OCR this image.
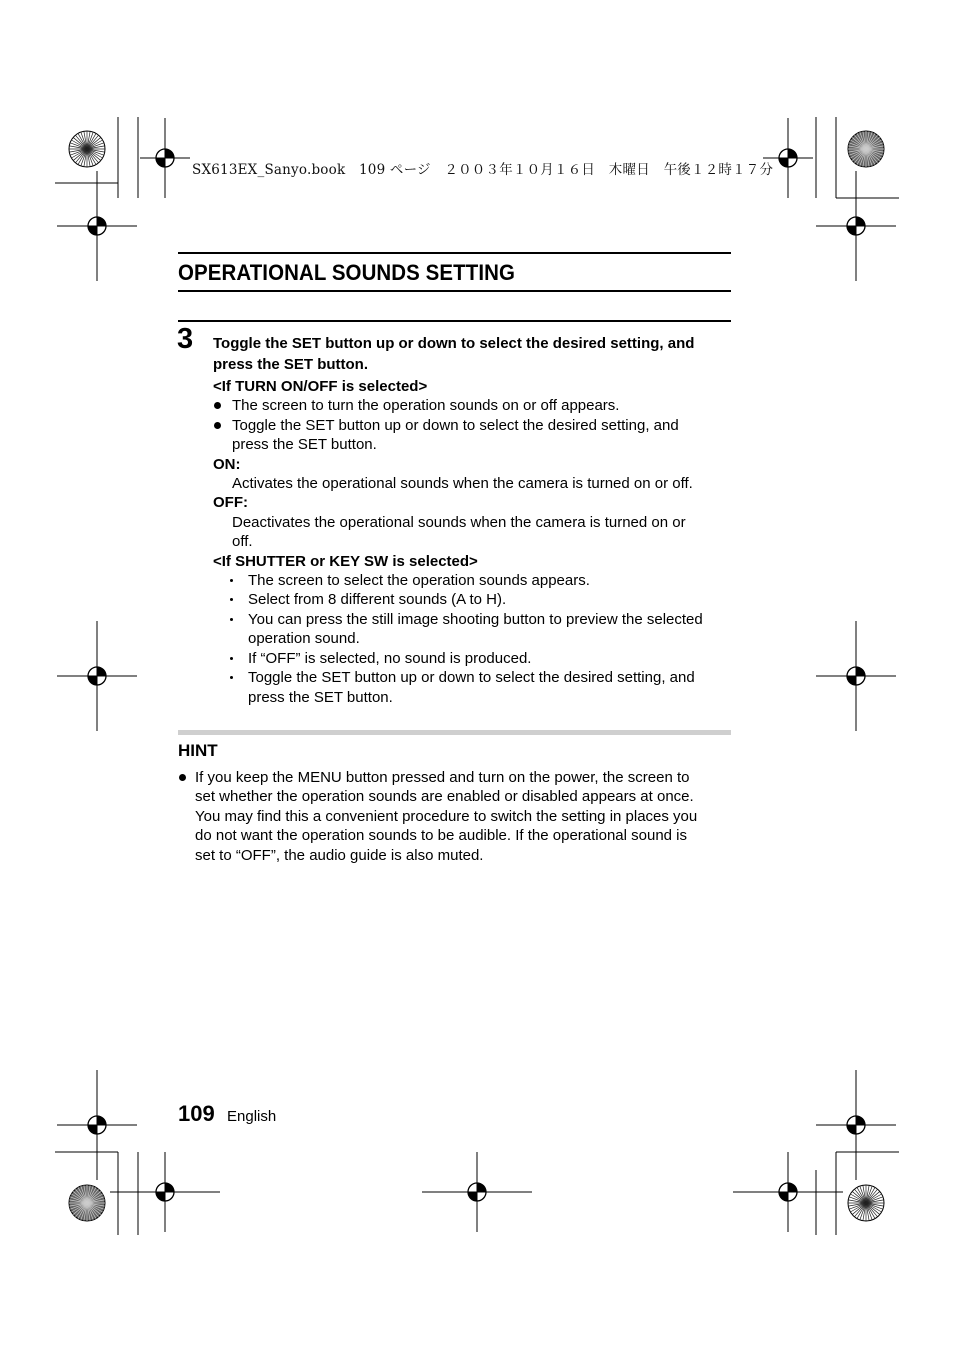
SX613EX_Sanyo.book　109 ページ　２００３年１０月１６日　木曜日　午後１２時１７分
OPERATIONAL SOUNDS SETTING
3 Toggle the SET button up or down to select the desired setting, and
press the SET button.
<If TURN ON/OFF is selected>
The screen to turn the operation sounds on or off appears.
Toggle the SET button up or down to select the desired setting, and
press the SET button.
ON:
Activates the operational sounds when the camera is turned on or off.
OFF:
Deactivates the operational sounds when the camera is turned on or
off.
<If SHUTTER or KEY SW is selected>
The screen to select the operation sounds appears.
Select from 8 different sounds (A to H).
You can press the still image shooting button to preview the selected
operation sound.
If “OFF” is selected, no sound is produced.
Toggle the SET button up or down to select the desired setting, and
press the SET button.
HINT
If you keep the MENU button pressed and turn on the power, the screen to
set whether the operation sounds are enabled or disabled appears at once.
You may find this a convenient procedure to switch the setting in places you
do not want the operation sounds to be audible. If the operational sound is
set to “OFF”, the audio guide is also muted.
109 English
